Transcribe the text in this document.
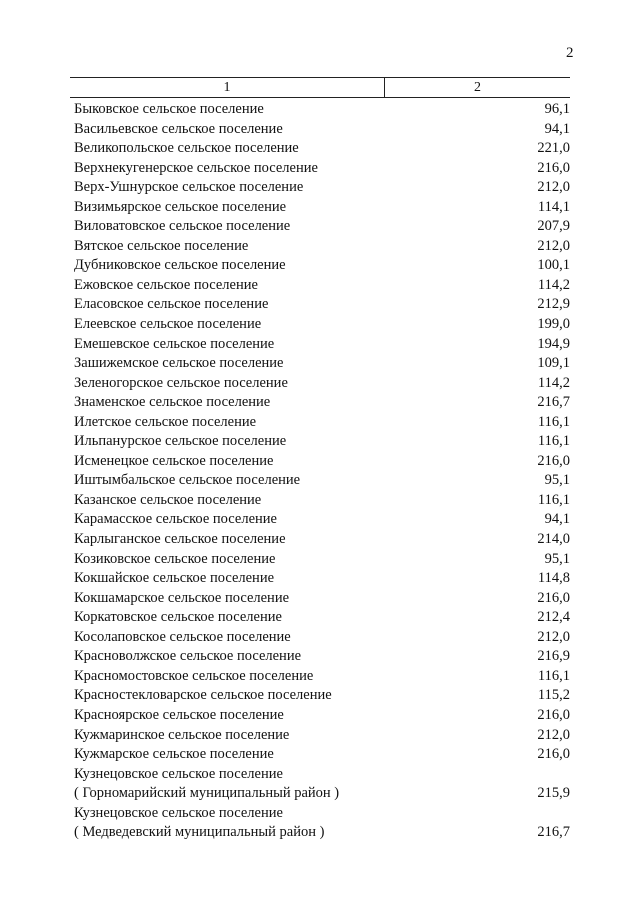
2
1	2
Быковское сельское поселение	96,1
Васильевское сельское поселение	94,1
Великопольское сельское поселение	221,0
Верхнекугенерское сельское поселение	216,0
Верх-Ушнурское сельское поселение	212,0
Визимьярское сельское поселение	114,1
Виловатовское сельское поселение	207,9
Вятское сельское поселение	212,0
Дубниковское сельское поселение	100,1
Ежовское сельское поселение	114,2
Еласовское сельское поселение	212,9
Елеевское сельское поселение	199,0
Емешевское сельское поселение	194,9
Зашижемское сельское поселение	109,1
Зеленогорское сельское поселение	114,2
Знаменское сельское поселение	216,7
Илетское сельское поселение	116,1
Ильпанурское сельское поселение	116,1
Исменецкое сельское поселение	216,0
Иштымбальское сельское поселение	95,1
Казанское сельское поселение	116,1
Карамасское сельское поселение	94,1
Карлыганское сельское поселение	214,0
Козиковское сельское поселение	95,1
Кокшайское сельское поселение	114,8
Кокшамарское сельское поселение	216,0
Коркатовское сельское поселение	212,4
Косолаповское сельское поселение	212,0
Красноволжское сельское поселение	216,9
Красномостовское сельское поселение	116,1
Красностекловарское сельское поселение	115,2
Красноярское сельское поселение	216,0
Кужмаринское сельское поселение	212,0
Кужмарское сельское поселение	216,0
Кузнецовское сельское поселение
( Горномарийский муниципальный район )	215,9
Кузнецовское сельское поселение
( Медведевский муниципальный район )	216,7
